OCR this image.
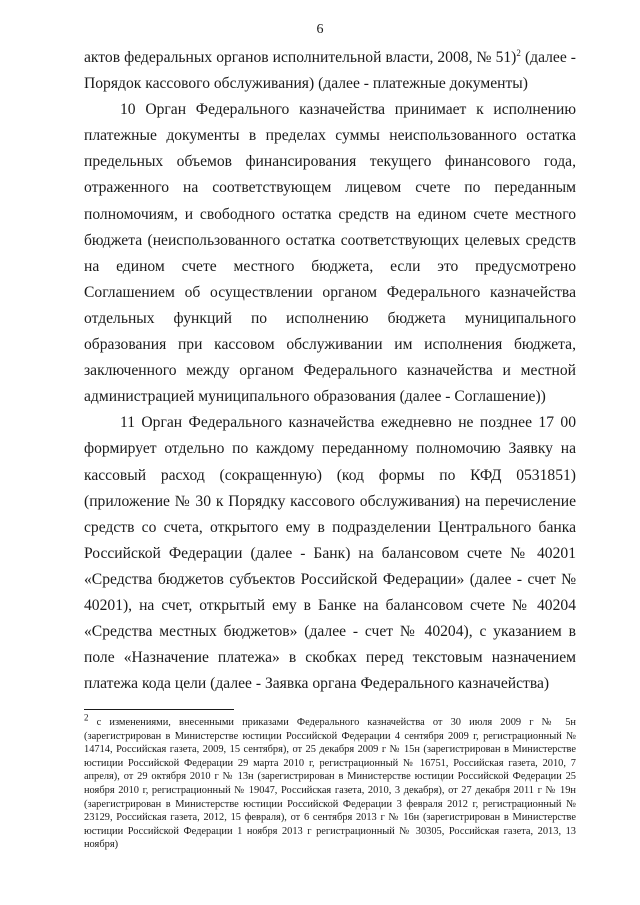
6

актов федеральных органов исполнительной власти, 2008, № 51)$^2$ (далее - Порядок кассового обслуживания) (далее - платежные документы)

10 Орган Федерального казначейства принимает к исполнению платежные документы в пределах суммы неиспользованного остатка предельных объемов финансирования текущего финансового года, отраженного на соответствующем лицевом счете по переданным полномочиям, и свободного остатка средств на едином счете местного бюджета (неиспользованного остатка соответствующих целевых средств на едином счете местного бюджета, если это предусмотрено Соглашением об осуществлении органом Федерального казначейства отдельных функций по исполнению бюджета муниципального образования при кассовом обслуживании им исполнения бюджета, заключенного между органом Федерального казначейства и местной администрацией муниципального образования (далее - Соглашение))

11 Орган Федерального казначейства ежедневно не позднее 17 00 формирует отдельно по каждому переданному полномочию Заявку на кассовый расход (сокращенную) (код формы по КФД 0531851) (приложение № 30 к Порядку кассового обслуживания) на перечисление средств со счета, открытого ему в подразделении Центрального банка Российской Федерации (далее - Банк) на балансовом счете № 40201 «Средства бюджетов субъектов Российской Федерации» (далее - счет № 40201), на счет, открытый ему в Банке на балансовом счете № 40204 «Средства местных бюджетов» (далее - счет № 40204), с указанием в поле «Назначение платежа» в скобках перед текстовым назначением платежа кода цели (далее - Заявка органа Федерального казначейства)

$^2$ с изменениями, внесенными приказами Федерального казначейства от 30 июля 2009 г № 5н (зарегистрирован в Министерстве юстиции Российской Федерации 4 сентября 2009 г, регистрационный № 14714, Российская газета, 2009, 15 сентября), от 25 декабря 2009 г № 15н (зарегистрирован в Министерстве юстиции Российской Федерации 29 марта 2010 г, регистрационный № 16751, Российская газета, 2010, 7 апреля), от 29 октября 2010 г № 13н (зарегистрирован в Министерстве юстиции Российской Федерации 25 ноября 2010 г, регистрационный № 19047, Российская газета, 2010, 3 декабря), от 27 декабря 2011 г № 19н (зарегистрирован в Министерстве юстиции Российской Федерации 3 февраля 2012 г, регистрационный № 23129, Российская газета, 2012, 15 февраля), от 6 сентября 2013 г № 16н (зарегистрирован в Министерстве юстиции Российской Федерации 1 ноября 2013 г регистрационный № 30305, Российская газета, 2013, 13 ноября)
